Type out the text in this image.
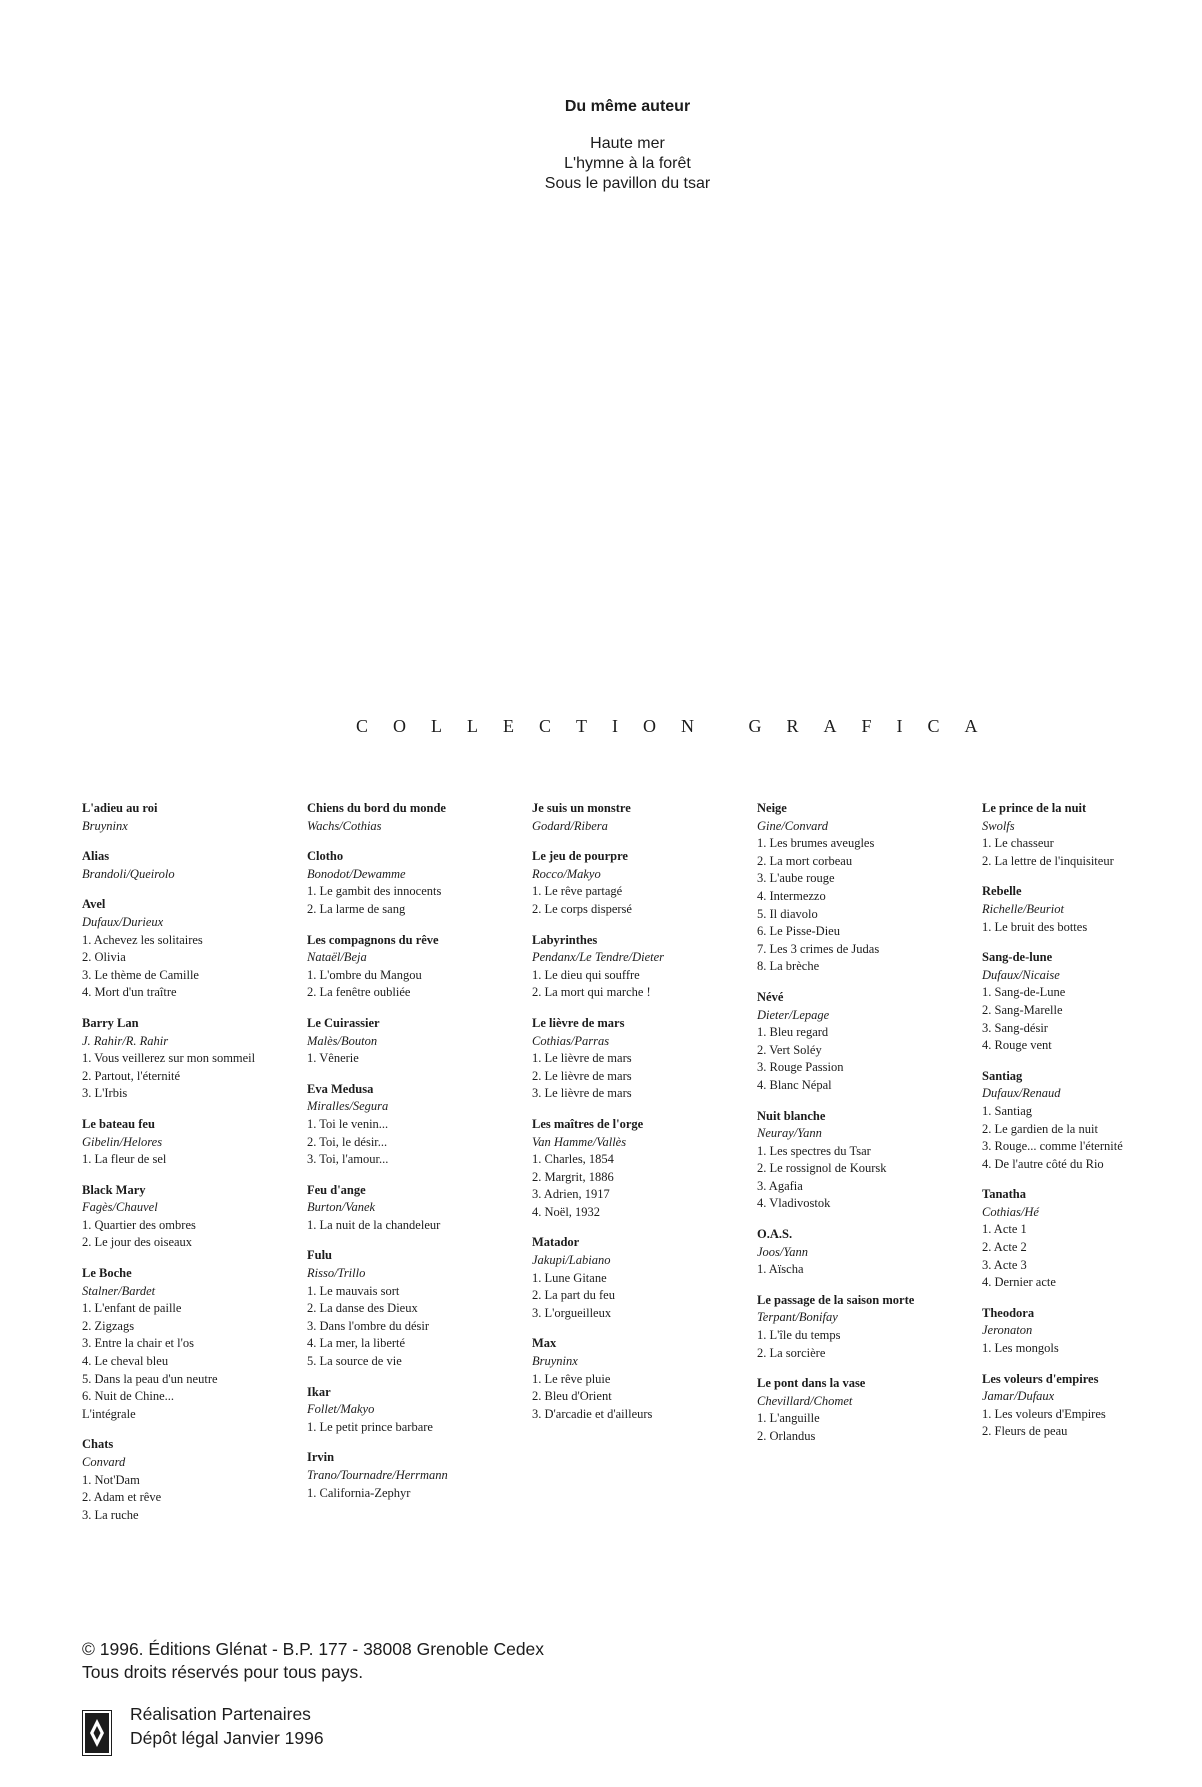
Du même auteur
Haute mer
L'hymne à la forêt
Sous le pavillon du tsar
COLLECTION GRAFICA
L'adieu au roi
Bruyninx
Alias
Brandoli/Queirolo
Avel
Dufaux/Durieux
1. Achevez les solitaires
2. Olivia
3. Le thème de Camille
4. Mort d'un traître
Barry Lan
J. Rahir/R. Rahir
1. Vous veillerez sur mon sommeil
2. Partout, l'éternité
3. L'Irbis
Le bateau feu
Gibelin/Helores
1. La fleur de sel
Black Mary
Fagès/Chauvel
1. Quartier des ombres
2. Le jour des oiseaux
Le Boche
Stalner/Bardet
1. L'enfant de paille
2. Zigzags
3. Entre la chair et l'os
4. Le cheval bleu
5. Dans la peau d'un neutre
6. Nuit de Chine...
L'intégrale
Chats
Convard
1. Not'Dam
2. Adam et rêve
3. La ruche
Chiens du bord du monde
Wachs/Cothias
Clotho
Bonodot/Dewamme
1. Le gambit des innocents
2. La larme de sang
Les compagnons du rêve
Nataël/Beja
1. L'ombre du Mangou
2. La fenêtre oubliée
Le Cuirassier
Malès/Bouton
1. Vênerie
Eva Medusa
Miralles/Segura
1. Toi le venin...
2. Toi, le désir...
3. Toi, l'amour...
Feu d'ange
Burton/Vanek
1. La nuit de la chandeleur
Fulu
Risso/Trillo
1. Le mauvais sort
2. La danse des Dieux
3. Dans l'ombre du désir
4. La mer, la liberté
5. La source de vie
Ikar
Follet/Makyo
1. Le petit prince barbare
Irvin
Trano/Tournadre/Herrmann
1. California-Zephyr
Je suis un monstre
Godard/Ribera
Le jeu de pourpre
Rocco/Makyo
1. Le rêve partagé
2. Le corps dispersé
Labyrinthes
Pendanx/Le Tendre/Dieter
1. Le dieu qui souffre
2. La mort qui marche !
Le lièvre de mars
Cothias/Parras
1. Le lièvre de mars
2. Le lièvre de mars
3. Le lièvre de mars
Les maîtres de l'orge
Van Hamme/Vallès
1. Charles, 1854
2. Margrit, 1886
3. Adrien, 1917
4. Noël, 1932
Matador
Jakupi/Labiano
1. Lune Gitane
2. La part du feu
3. L'orgueilleux
Max
Bruyninx
1. Le rêve pluie
2. Bleu d'Orient
3. D'arcadie et d'ailleurs
Neige
Gine/Convard
1. Les brumes aveugles
2. La mort corbeau
3. L'aube rouge
4. Intermezzo
5. Il diavolo
6. Le Pisse-Dieu
7. Les 3 crimes de Judas
8. La brèche
Névé
Dieter/Lepage
1. Bleu regard
2. Vert Soléy
3. Rouge Passion
4. Blanc Népal
Nuit blanche
Neuray/Yann
1. Les spectres du Tsar
2. Le rossignol de Koursk
3. Agafia
4. Vladivostok
O.A.S.
Joos/Yann
1. Aïscha
Le passage de la saison morte
Terpant/Bonifay
1. L'île du temps
2. La sorcière
Le pont dans la vase
Chevillard/Chomet
1. L'anguille
2. Orlandus
Le prince de la nuit
Swolfs
1. Le chasseur
2. La lettre de l'inquisiteur
Rebelle
Richelle/Beuriot
1. Le bruit des bottes
Sang-de-lune
Dufaux/Nicaise
1. Sang-de-Lune
2. Sang-Marelle
3. Sang-désir
4. Rouge vent
Santiag
Dufaux/Renaud
1. Santiag
2. Le gardien de la nuit
3. Rouge... comme l'éternité
4. De l'autre côté du Rio
Tanatha
Cothias/Hé
1. Acte 1
2. Acte 2
3. Acte 3
4. Dernier acte
Theodora
Jeronaton
1. Les mongols
Les voleurs d'empires
Jamar/Dufaux
1. Les voleurs d'Empires
2. Fleurs de peau
© 1996. Éditions Glénat - B.P. 177 - 38008 Grenoble Cedex
Tous droits réservés pour tous pays.
Réalisation Partenaires
Dépôt légal Janvier 1996
